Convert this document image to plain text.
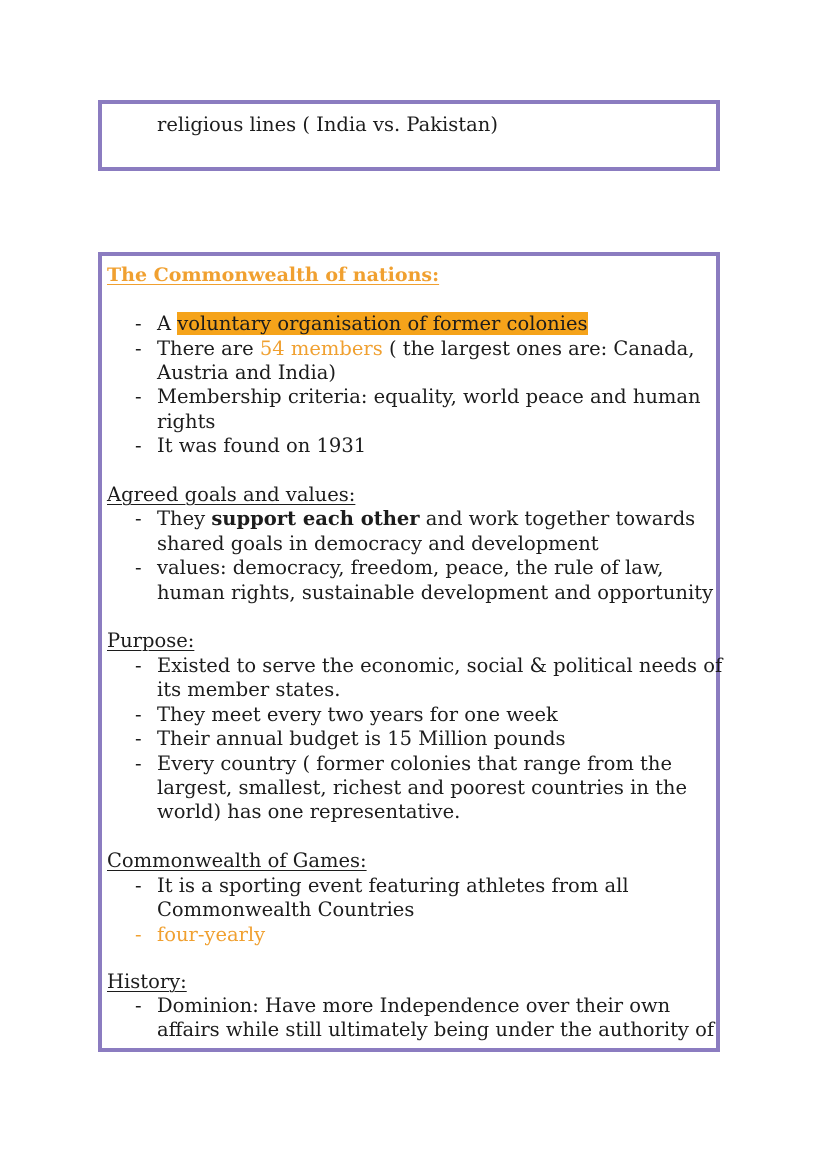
religious lines ( India vs. Pakistan)
The Commonwealth of nations:
- A voluntary organisation of former colonies
- There are 54 members ( the largest ones are: Canada,
Austria and India)
- Membership criteria: equality, world peace and human
rights
- It was found on 1931
Agreed goals and values:
- They support each other and work together towards
shared goals in democracy and development
- values: democracy, freedom, peace, the rule of law,
human rights, sustainable development and opportunity
Purpose:
- Existed to serve the economic, social & political needs of
its member states.
- They meet every two years for one week
- Their annual budget is 15 Million pounds
- Every country ( former colonies that range from the
largest, smallest, richest and poorest countries in the
world) has one representative.
Commonwealth of Games:
- It is a sporting event featuring athletes from all
Commonwealth Countries
- four-yearly
History:
- Dominion: Have more Independence over their own
affairs while still ultimately being under the authority of
